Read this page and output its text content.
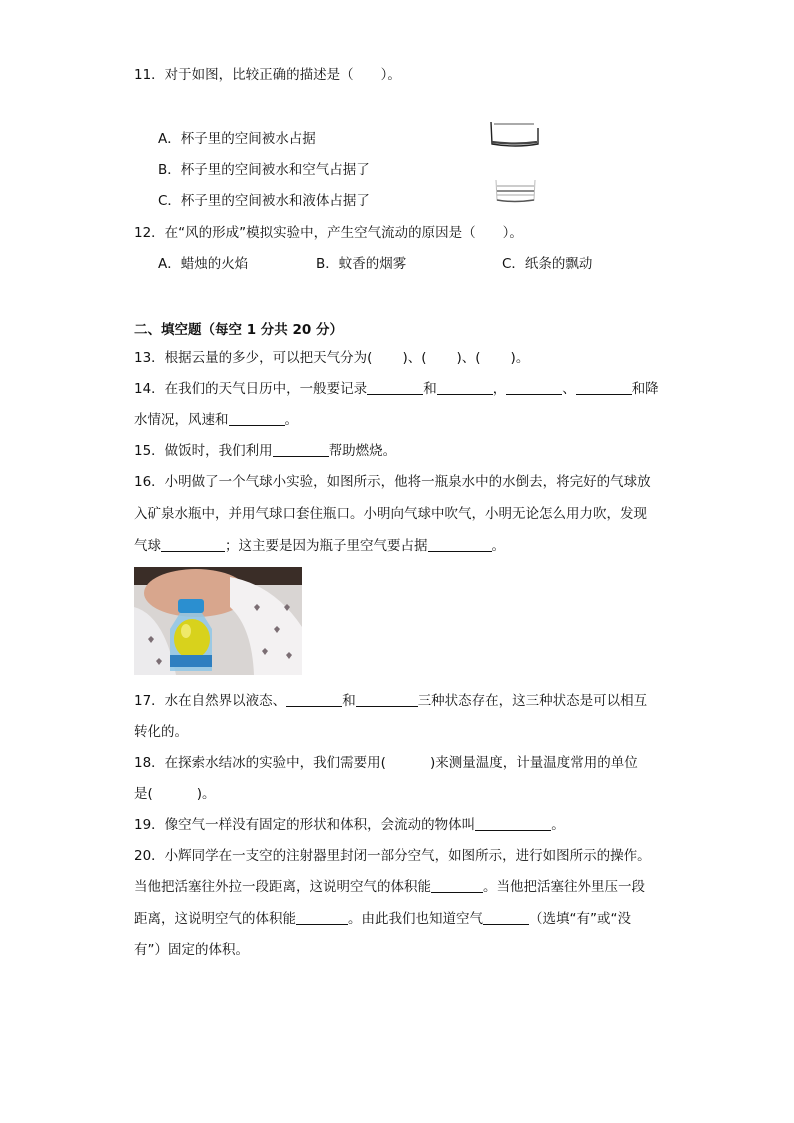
11．对于如图，比较正确的描述是（　　）。
A．杯子里的空间被水占据
B．杯子里的空间被水和空气占据了
C．杯子里的空间被水和液体占据了
12．在“风的形成”模拟实验中，产生空气流动的原因是（　　）。
A．蜡烛的火焰	B．蚊香的烟雾	C．纸条的飘动
二、填空题（每空 1 分共 20 分）
13．根据云量的多少，可以把天气分为( )、( )、( )。
14．在我们的天气日历中，一般要记录	和	，	、	和降
水情况，风速和	。
15．做饭时，我们利用	帮助燃烧。
16．小明做了一个气球小实验，如图所示，他将一瓶泉水中的水倒去，将完好的气球放
入矿泉水瓶中，并用气球口套住瓶口。小明向气球中吹气，小明无论怎么用力吹，发现
气球	；这主要是因为瓶子里空气要占据	。
17．水在自然界以液态、	和	三种状态存在，这三种状态是可以相互
转化的。
18．在探索水结冰的实验中，我们需要用(	)来测量温度，计量温度常用的单位
是(	)。
19．像空气一样没有固定的形状和体积，会流动的物体叫	。
20．小辉同学在一支空的注射器里封闭一部分空气，如图所示，进行如图所示的操作。
当他把活塞往外拉一段距离，这说明空气的体积能	。当他把活塞往外里压一段
距离，这说明空气的体积能	。由此我们也知道空气	（选填“有”或“没
有”）固定的体积。
